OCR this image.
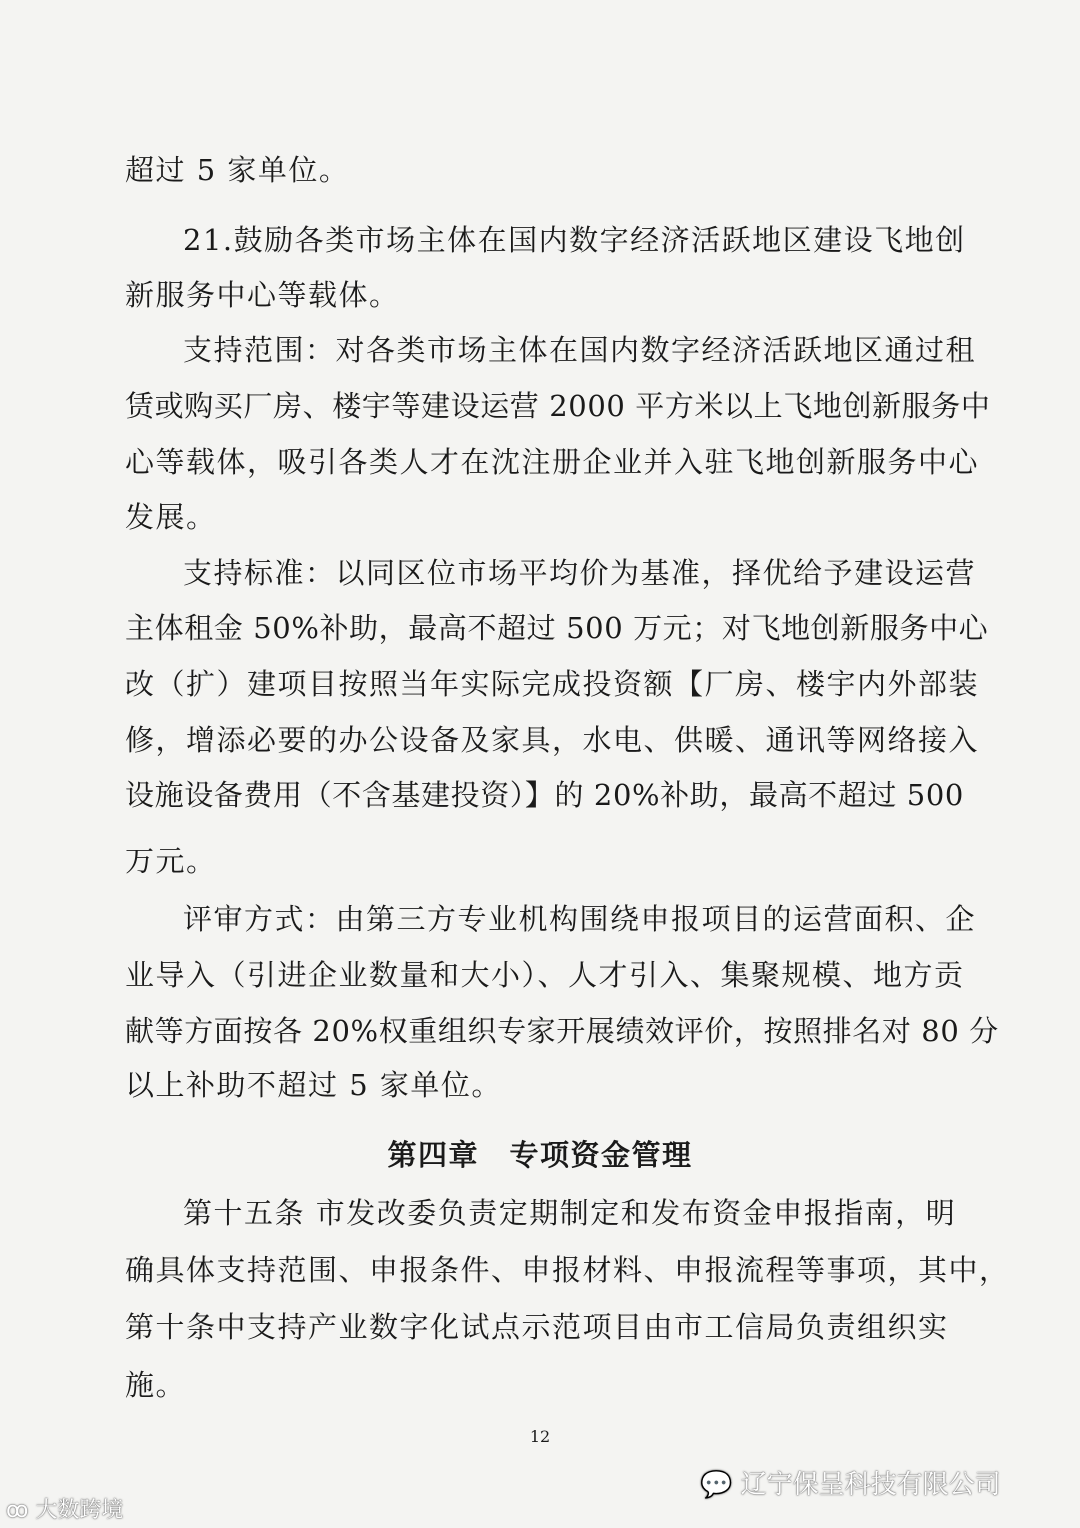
超过 5 家单位。
21.鼓励各类市场主体在国内数字经济活跃地区建设飞地创
新服务中心等载体。
支持范围：对各类市场主体在国内数字经济活跃地区通过租
赁或购买厂房、楼宇等建设运营 2000 平方米以上飞地创新服务中
心等载体，吸引各类人才在沈注册企业并入驻飞地创新服务中心
发展。
支持标准：以同区位市场平均价为基准，择优给予建设运营
主体租金 50%补助，最高不超过 500 万元；对飞地创新服务中心
改（扩）建项目按照当年实际完成投资额【厂房、楼宇内外部装
修，增添必要的办公设备及家具，水电、供暖、通讯等网络接入
设施设备费用（不含基建投资）】的 20%补助，最高不超过 500
万元。
评审方式：由第三方专业机构围绕申报项目的运营面积、企
业导入（引进企业数量和大小）、人才引入、集聚规模、地方贡
献等方面按各 20%权重组织专家开展绩效评价，按照排名对 80 分
以上补助不超过 5 家单位。
第四章　专项资金管理
第十五条 市发改委负责定期制定和发布资金申报指南，明
确具体支持范围、申报条件、申报材料、申报流程等事项，其中，
第十条中支持产业数字化试点示范项目由市工信局负责组织实
施。
12
💬 辽宁保呈科技有限公司
ꝏ 大数跨境
